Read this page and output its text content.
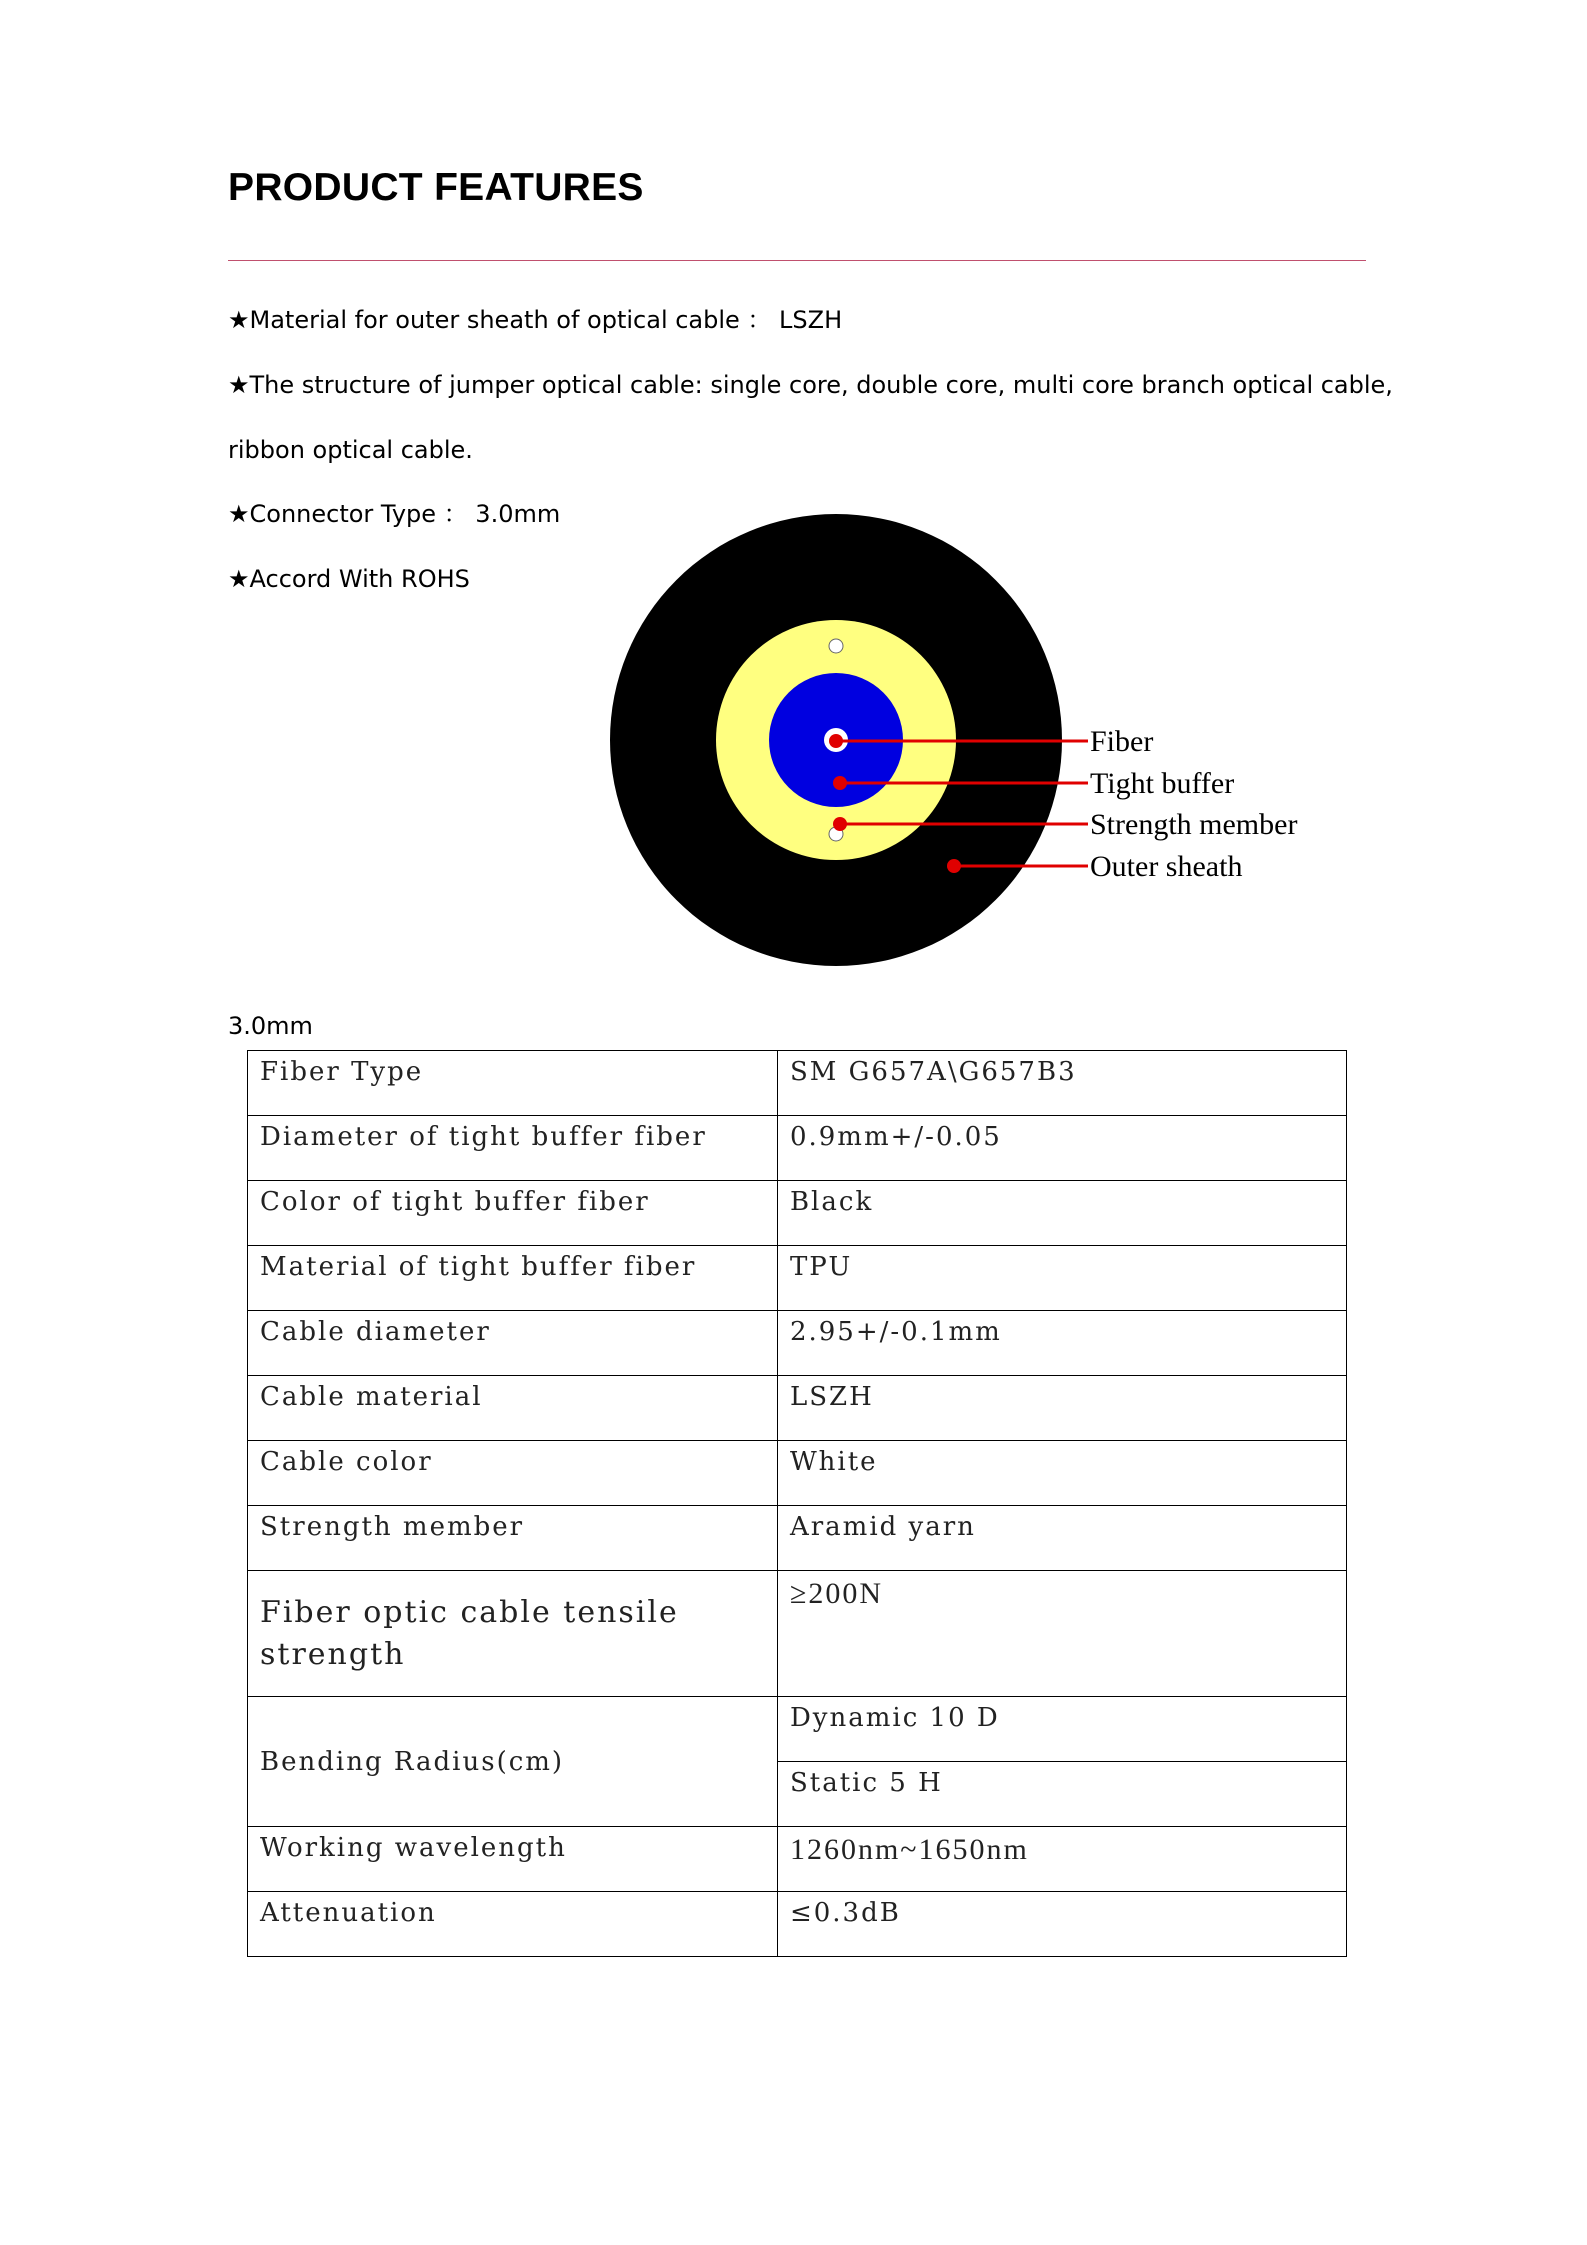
PRODUCT FEATURES
★Material for outer sheath of optical cable ： LSZH
★The structure of jumper optical cable: single core, double core, multi core branch optical cable,
ribbon optical cable.
★Connector Type ： 3.0mm
★Accord With ROHS
Fiber
Tight buffer
Strength member
Outer sheath
3.0mm
Fiber Type	SM G657A\G657B3
Diameter of tight buffer fiber	0.9mm+/-0.05
Color of tight buffer fiber	Black
Material of tight buffer fiber	TPU
Cable diameter	2.95+/-0.1mm
Cable material	LSZH
Cable color	White
Strength member	Aramid yarn
Fiber optic cable tensile strength	≥200N
Bending Radius(cm)	Dynamic 10 D
	Static 5 H
Working wavelength	1260nm~1650nm
Attenuation	≤0.3dB
